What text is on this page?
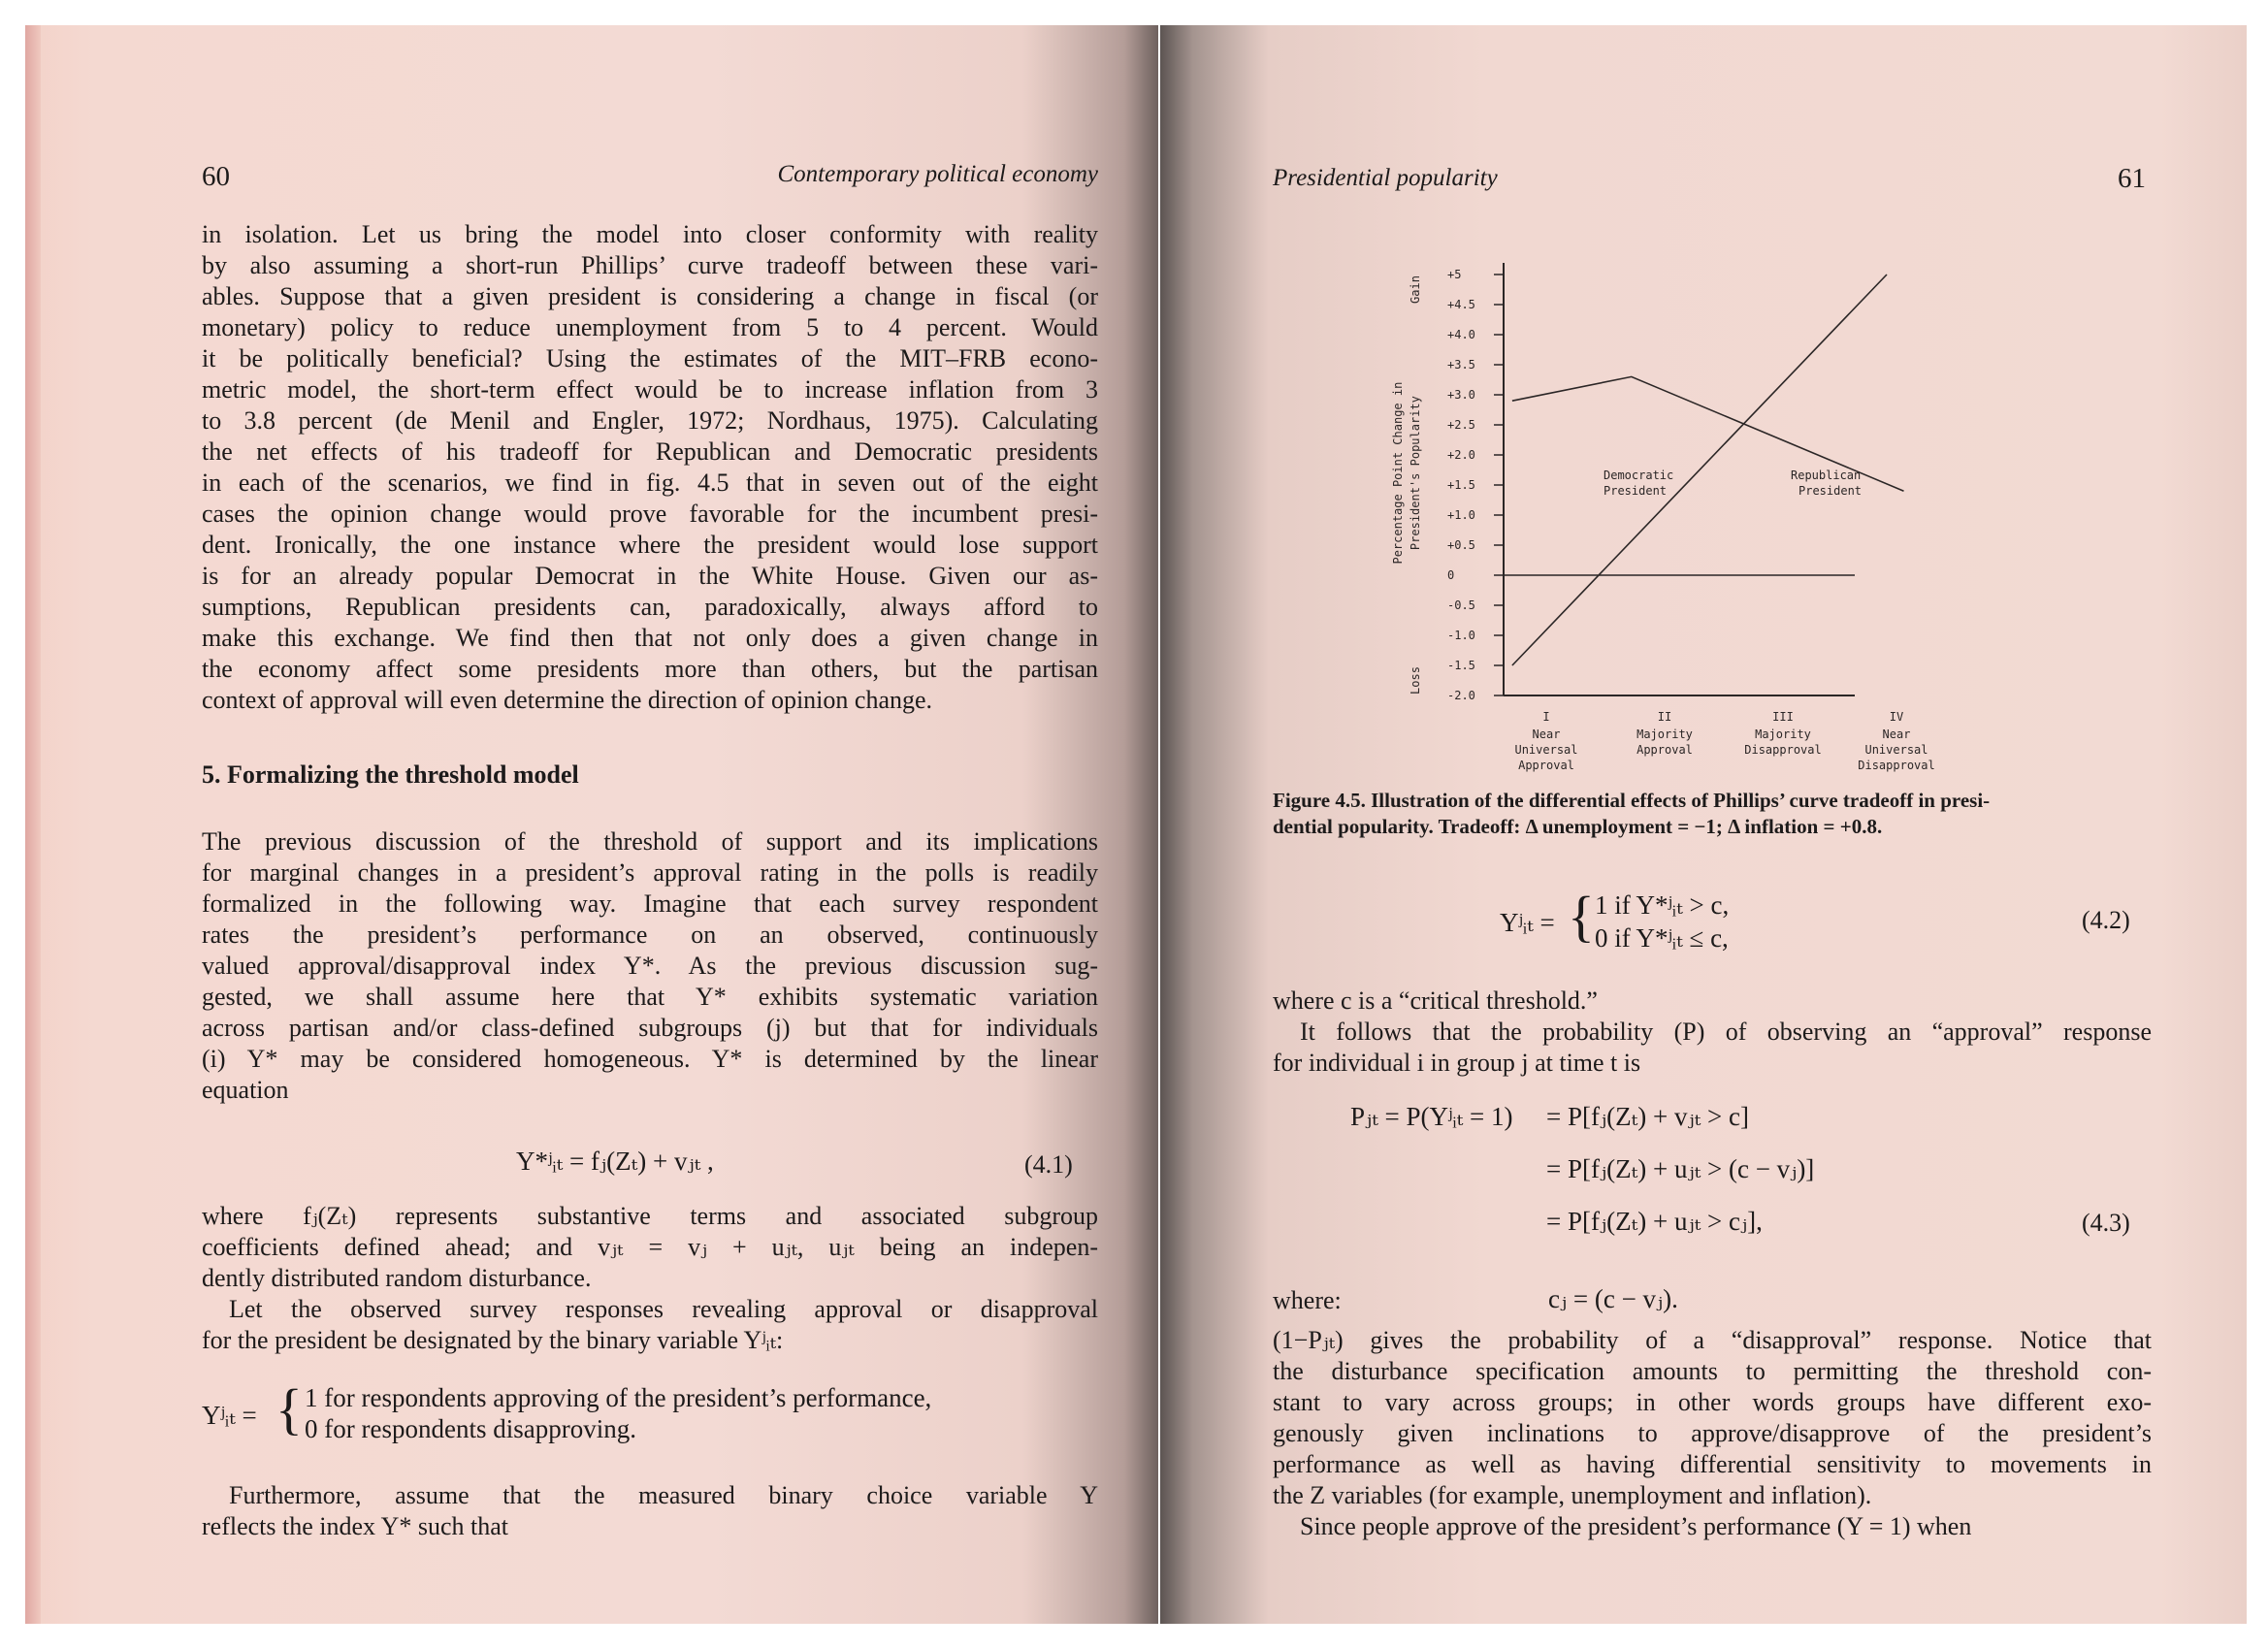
60	Contemporary political economy
in isolation. Let us bring the model into closer conformity with reality
by also assuming a short-run Phillips’ curve tradeoff between these vari-
ables. Suppose that a given president is considering a change in fiscal (or
monetary) policy to reduce unemployment from 5 to 4 percent. Would
it be politically beneficial? Using the estimates of the MIT–FRB econo-
metric model, the short-term effect would be to increase inflation from 3
to 3.8 percent (de Menil and Engler, 1972; Nordhaus, 1975). Calculating
the net effects of his tradeoff for Republican and Democratic presidents
in each of the scenarios, we find in fig. 4.5 that in seven out of the eight
cases the opinion change would prove favorable for the incumbent presi-
dent. Ironically, the one instance where the president would lose support
is for an already popular Democrat in the White House. Given our as-
sumptions, Republican presidents can, paradoxically, always afford to
make this exchange. We find then that not only does a given change in
the economy affect some presidents more than others, but the partisan
context of approval will even determine the direction of opinion change.
5. Formalizing the threshold model
The previous discussion of the threshold of support and its implications
for marginal changes in a president’s approval rating in the polls is readily
formalized in the following way. Imagine that each survey respondent
rates the president’s performance on an observed, continuously
valued approval/disapproval index Y*. As the previous discussion sug-
gested, we shall assume here that Y* exhibits systematic variation
across partisan and/or class-defined subgroups (j) but that for individuals
(i) Y* may be considered homogeneous. Y* is determined by the linear
equation
Y*ʲᵢₜ = fⱼ(Zₜ) + vⱼₜ ,	(4.1)
where fⱼ(Zₜ) represents substantive terms and associated subgroup
coefficients defined ahead; and vⱼₜ = vⱼ + uⱼₜ, uⱼₜ being an indepen-
dently distributed random disturbance.
Let the observed survey responses revealing approval or disapproval
for the president be designated by the binary variable Yʲᵢₜ:
Yʲᵢₜ = { 1 for respondents approving of the president’s performance,
0 for respondents disapproving.
Furthermore, assume that the measured binary choice variable Y
reflects the index Y* such that
Presidential popularity	61
+5
+4.5
+4.0
+3.5
+3.0
+2.5
+2.0
+1.5
+1.0
+0.5
0
-0.5
-1.0
-1.5
-2.0
Gain
Percentage Point Change in President's Popularity
Loss
I
Near
Universal
Approval
II
Majority
Approval
III
Majority
Disapproval
IV
Near
Universal
Disapproval
Democratic
President
Republican
President
Figure 4.5. Illustration of the differential effects of Phillips’ curve tradeoff in presi-
dential popularity. Tradeoff: Δ unemployment = −1; Δ inflation = +0.8.
Yʲᵢₜ = { 1 if Y*ʲᵢₜ > c,
0 if Y*ʲᵢₜ ≤ c,
(4.2)
where c is a “critical threshold.”
It follows that the probability (P) of observing an “approval” response
for individual i in group j at time t is
Pⱼₜ = P(Yʲᵢₜ = 1) = P[fⱼ(Zₜ) + vⱼₜ > c]
= P[fⱼ(Zₜ) + uⱼₜ > (c − vⱼ)]
= P[fⱼ(Zₜ) + uⱼₜ > cⱼ],	(4.3)
where:	cⱼ = (c − vⱼ).
(1−Pⱼₜ) gives the probability of a “disapproval” response. Notice that
the disturbance specification amounts to permitting the threshold con-
stant to vary across groups; in other words groups have different exo-
genously given inclinations to approve/disapprove of the president’s
performance as well as having differential sensitivity to movements in
the Z variables (for example, unemployment and inflation).
Since people approve of the president’s performance (Y = 1) when
